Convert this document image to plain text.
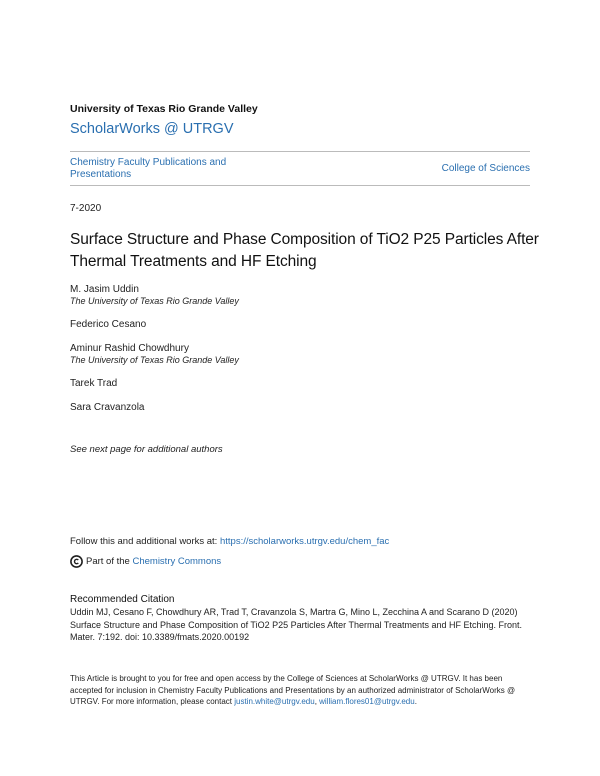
University of Texas Rio Grande Valley
ScholarWorks @ UTRGV
Chemistry Faculty Publications and Presentations
College of Sciences
7-2020
Surface Structure and Phase Composition of TiO2 P25 Particles After Thermal Treatments and HF Etching
M. Jasim Uddin
The University of Texas Rio Grande Valley
Federico Cesano
Aminur Rashid Chowdhury
The University of Texas Rio Grande Valley
Tarek Trad
Sara Cravanzola
See next page for additional authors
Follow this and additional works at: https://scholarworks.utrgv.edu/chem_fac
Part of the
Chemistry Commons
Recommended Citation
Uddin MJ, Cesano F, Chowdhury AR, Trad T, Cravanzola S, Martra G, Mino L, Zecchina A and Scarano D (2020) Surface Structure and Phase Composition of TiO2 P25 Particles After Thermal Treatments and HF Etching. Front. Mater. 7:192. doi: 10.3389/fmats.2020.00192
This Article is brought to you for free and open access by the College of Sciences at ScholarWorks @ UTRGV. It has been accepted for inclusion in Chemistry Faculty Publications and Presentations by an authorized administrator of ScholarWorks @ UTRGV. For more information, please contact justin.white@utrgv.edu, william.flores01@utrgv.edu.
